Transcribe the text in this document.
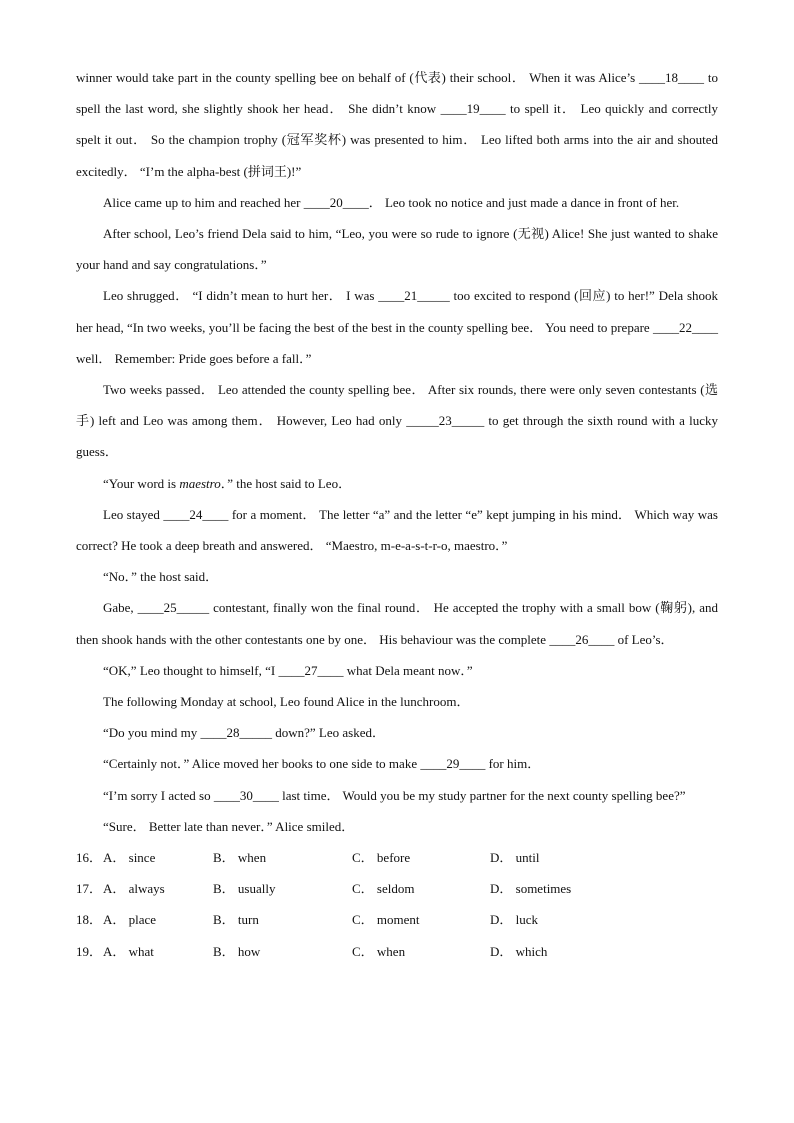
winner would take part in the county spelling bee on behalf of (代表) their school． When it was Alice’s ____18____ to spell the last word, she slightly shook her head． She didn’t know ____19____ to spell it． Leo quickly and correctly spelt it out． So the champion trophy (冠军奖杯) was presented to him． Leo lifted both arms into the air and shouted excitedly． “I’m the alpha-best (拼词王)!”

Alice came up to him and reached her ____20____． Leo took no notice and just made a dance in front of her.

After school, Leo’s friend Dela said to him, “Leo, you were so rude to ignore (无视) Alice! She just wanted to shake your hand and say congratulations．”

Leo shrugged． “I didn’t mean to hurt her． I was ____21_____ too excited to respond (回应) to her!” Dela shook her head, “In two weeks, you’ll be facing the best of the best in the county spelling bee． You need to prepare ____22____ well． Remember: Pride goes before a fall．”

Two weeks passed． Leo attended the county spelling bee． After six rounds, there were only seven contestants (选手) left and Leo was among them． However, Leo had only _____23_____ to get through the sixth round with a lucky guess．

“Your word is maestro．” the host said to Leo．

Leo stayed ____24____ for a moment． The letter “a” and the letter “e” kept jumping in his mind． Which way was correct? He took a deep breath and answered． “Maestro, m-e-a-s-t-r-o, maestro．”

“No．” the host said．

Gabe, ____25_____ contestant, finally won the final round． He accepted the trophy with a small bow (鞠躬), and then shook hands with the other contestants one by one． His behaviour was the complete ____26____ of Leo’s．

“OK,” Leo thought to himself, “I ____27____ what Dela meant now．”

The following Monday at school, Leo found Alice in the lunchroom．

“Do you mind my ____28_____ down?” Leo asked．

“Certainly not．” Alice moved her books to one side to make ____29____ for him．

“I’m sorry I acted so ____30____ last time． Would you be my study partner for the next county spelling bee?”

“Sure． Better late than never．” Alice smiled．

16． A． since	B． when	C． before	D． until
17． A． always	B． usually	C． seldom	D． sometimes
18． A． place	B． turn	C． moment	D． luck
19． A． what	B． how	C． when	D． which
